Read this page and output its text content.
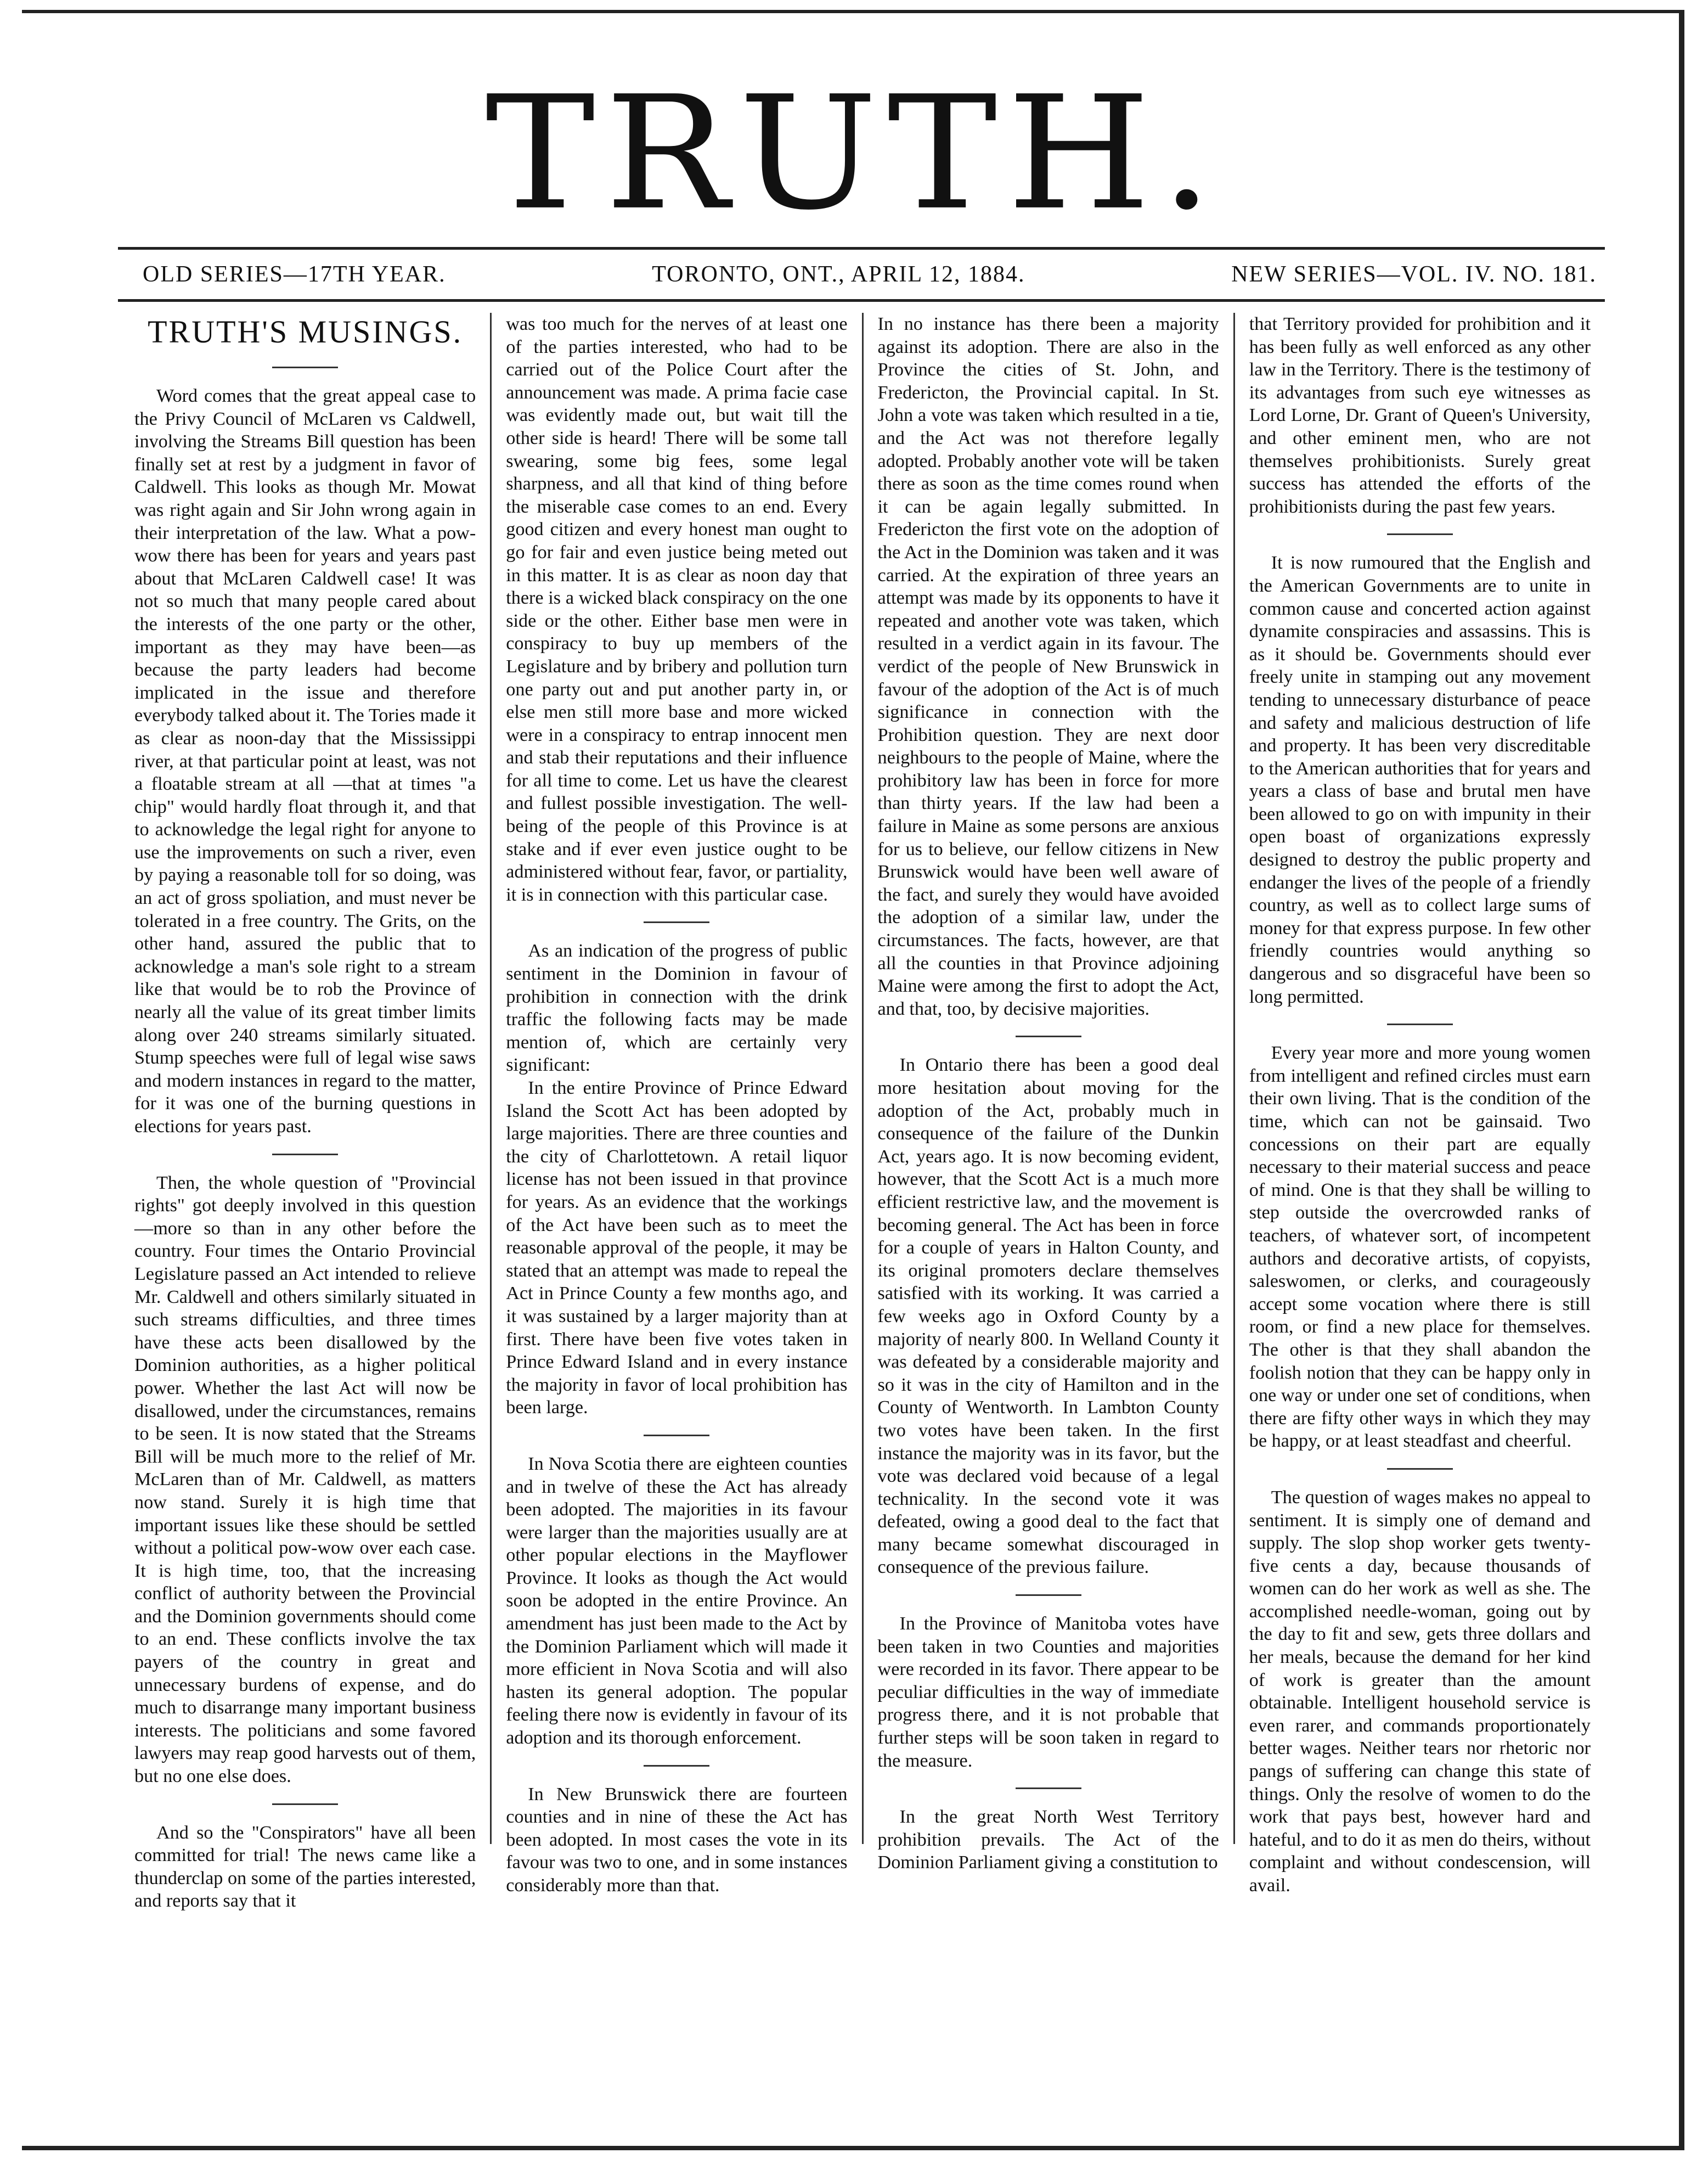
TRUTH.
OLD SERIES—17TH YEAR.	TORONTO, ONT., APRIL 12, 1884.	NEW SERIES—VOL. IV. NO. 181.
TRUTH'S MUSINGS.

Word comes that the great appeal case to the Privy Council of McLaren vs Caldwell, involving the Streams Bill question has been finally set at rest by a judgment in favor of Caldwell. This looks as though Mr. Mowat was right again and Sir John wrong again in their interpretation of the law. What a pow-wow there has been for years and years past about that McLaren Caldwell case! It was not so much that many people cared about the interests of the one party or the other, important as they may have been—as because the party leaders had become implicated in the issue and therefore everybody talked about it. The Tories made it as clear as noon-day that the Mississippi river, at that particular point at least, was not a floatable stream at all —that at times "a chip" would hardly float through it, and that to acknowledge the legal right for anyone to use the improvements on such a river, even by paying a reasonable toll for so doing, was an act of gross spoliation, and must never be tolerated in a free country. The Grits, on the other hand, assured the public that to acknowledge a man's sole right to a stream like that would be to rob the Province of nearly all the value of its great timber limits along over 240 streams similarly situated. Stump speeches were full of legal wise saws and modern instances in regard to the matter, for it was one of the burning questions in elections for years past.

Then, the whole question of "Provincial rights" got deeply involved in this question—more so than in any other before the country. Four times the Ontario Provincial Legislature passed an Act intended to relieve Mr. Caldwell and others similarly situated in such streams difficulties, and three times have these acts been disallowed by the Dominion authorities, as a higher political power. Whether the last Act will now be disallowed, under the circumstances, remains to be seen. It is now stated that the Streams Bill will be much more to the relief of Mr. McLaren than of Mr. Caldwell, as matters now stand. Surely it is high time that important issues like these should be settled without a political pow-wow over each case. It is high time, too, that the increasing conflict of authority between the Provincial and the Dominion governments should come to an end. These conflicts involve the tax payers of the country in great and unnecessary burdens of expense, and do much to disarrange many important business interests. The politicians and some favored lawyers may reap good harvests out of them, but no one else does.

And so the "Conspirators" have all been committed for trial! The news came like a thunderclap on some of the parties interested, and reports say that it

was too much for the nerves of at least one of the parties interested, who had to be carried out of the Police Court after the announcement was made. A prima facie case was evidently made out, but wait till the other side is heard! There will be some tall swearing, some big fees, some legal sharpness, and all that kind of thing before the miserable case comes to an end. Every good citizen and every honest man ought to go for fair and even justice being meted out in this matter. It is as clear as noon day that there is a wicked black conspiracy on the one side or the other. Either base men were in conspiracy to buy up members of the Legislature and by bribery and pollution turn one party out and put another party in, or else men still more base and more wicked were in a conspiracy to entrap innocent men and stab their reputations and their influence for all time to come. Let us have the clearest and fullest possible investigation. The well-being of the people of this Province is at stake and if ever even justice ought to be administered without fear, favor, or partiality, it is in connection with this particular case.

As an indication of the progress of public sentiment in the Dominion in favour of prohibition in connection with the drink traffic the following facts may be made mention of, which are certainly very significant:

In the entire Province of Prince Edward Island the Scott Act has been adopted by large majorities. There are three counties and the city of Charlottetown. A retail liquor license has not been issued in that province for years. As an evidence that the workings of the Act have been such as to meet the reasonable approval of the people, it may be stated that an attempt was made to repeal the Act in Prince County a few months ago, and it was sustained by a larger majority than at first. There have been five votes taken in Prince Edward Island and in every instance the majority in favor of local prohibition has been large.

In Nova Scotia there are eighteen counties and in twelve of these the Act has already been adopted. The majorities in its favour were larger than the majorities usually are at other popular elections in the Mayflower Province. It looks as though the Act would soon be adopted in the entire Province. An amendment has just been made to the Act by the Dominion Parliament which will made it more efficient in Nova Scotia and will also hasten its general adoption. The popular feeling there now is evidently in favour of its adoption and its thorough enforcement.

In New Brunswick there are fourteen counties and in nine of these the Act has been adopted. In most cases the vote in its favour was two to one, and in some instances considerably more than that.

In no instance has there been a majority against its adoption. There are also in the Province the cities of St. John, and Fredericton, the Provincial capital. In St. John a vote was taken which resulted in a tie, and the Act was not therefore legally adopted. Probably another vote will be taken there as soon as the time comes round when it can be again legally submitted. In Fredericton the first vote on the adoption of the Act in the Dominion was taken and it was carried. At the expiration of three years an attempt was made by its opponents to have it repeated and another vote was taken, which resulted in a verdict again in its favour. The verdict of the people of New Brunswick in favour of the adoption of the Act is of much significance in connection with the Prohibition question. They are next door neighbours to the people of Maine, where the prohibitory law has been in force for more than thirty years. If the law had been a failure in Maine as some persons are anxious for us to believe, our fellow citizens in New Brunswick would have been well aware of the fact, and surely they would have avoided the adoption of a similar law, under the circumstances. The facts, however, are that all the counties in that Province adjoining Maine were among the first to adopt the Act, and that, too, by decisive majorities.

In Ontario there has been a good deal more hesitation about moving for the adoption of the Act, probably much in consequence of the failure of the Dunkin Act, years ago. It is now becoming evident, however, that the Scott Act is a much more efficient restrictive law, and the movement is becoming general. The Act has been in force for a couple of years in Halton County, and its original promoters declare themselves satisfied with its working. It was carried a few weeks ago in Oxford County by a majority of nearly 800. In Welland County it was defeated by a considerable majority and so it was in the city of Hamilton and in the County of Wentworth. In Lambton County two votes have been taken. In the first instance the majority was in its favor, but the vote was declared void because of a legal technicality. In the second vote it was defeated, owing a good deal to the fact that many became somewhat discouraged in consequence of the previous failure.

In the Province of Manitoba votes have been taken in two Counties and majorities were recorded in its favor. There appear to be peculiar difficulties in the way of immediate progress there, and it is not probable that further steps will be soon taken in regard to the measure.

In the great North West Territory prohibition prevails. The Act of the Dominion Parliament giving a constitution to

that Territory provided for prohibition and it has been fully as well enforced as any other law in the Territory. There is the testimony of its advantages from such eye witnesses as Lord Lorne, Dr. Grant of Queen's University, and other eminent men, who are not themselves prohibitionists. Surely great success has attended the efforts of the prohibitionists during the past few years.

It is now rumoured that the English and the American Governments are to unite in common cause and concerted action against dynamite conspiracies and assassins. This is as it should be. Governments should ever freely unite in stamping out any movement tending to unnecessary disturbance of peace and safety and malicious destruction of life and property. It has been very discreditable to the American authorities that for years and years a class of base and brutal men have been allowed to go on with impunity in their open boast of organizations expressly designed to destroy the public property and endanger the lives of the people of a friendly country, as well as to collect large sums of money for that express purpose. In few other friendly countries would anything so dangerous and so disgraceful have been so long permitted.

Every year more and more young women from intelligent and refined circles must earn their own living. That is the condition of the time, which can not be gainsaid. Two concessions on their part are equally necessary to their material success and peace of mind. One is that they shall be willing to step outside the overcrowded ranks of teachers, of whatever sort, of incompetent authors and decorative artists, of copyists, saleswomen, or clerks, and courageously accept some vocation where there is still room, or find a new place for themselves. The other is that they shall abandon the foolish notion that they can be happy only in one way or under one set of conditions, when there are fifty other ways in which they may be happy, or at least steadfast and cheerful.

The question of wages makes no appeal to sentiment. It is simply one of demand and supply. The slop shop worker gets twenty-five cents a day, because thousands of women can do her work as well as she. The accomplished needle-woman, going out by the day to fit and sew, gets three dollars and her meals, because the demand for her kind of work is greater than the amount obtainable. Intelligent household service is even rarer, and commands proportionately better wages. Neither tears nor rhetoric nor pangs of suffering can change this state of things. Only the resolve of women to do the work that pays best, however hard and hateful, and to do it as men do theirs, without complaint and without condescension, will avail.
